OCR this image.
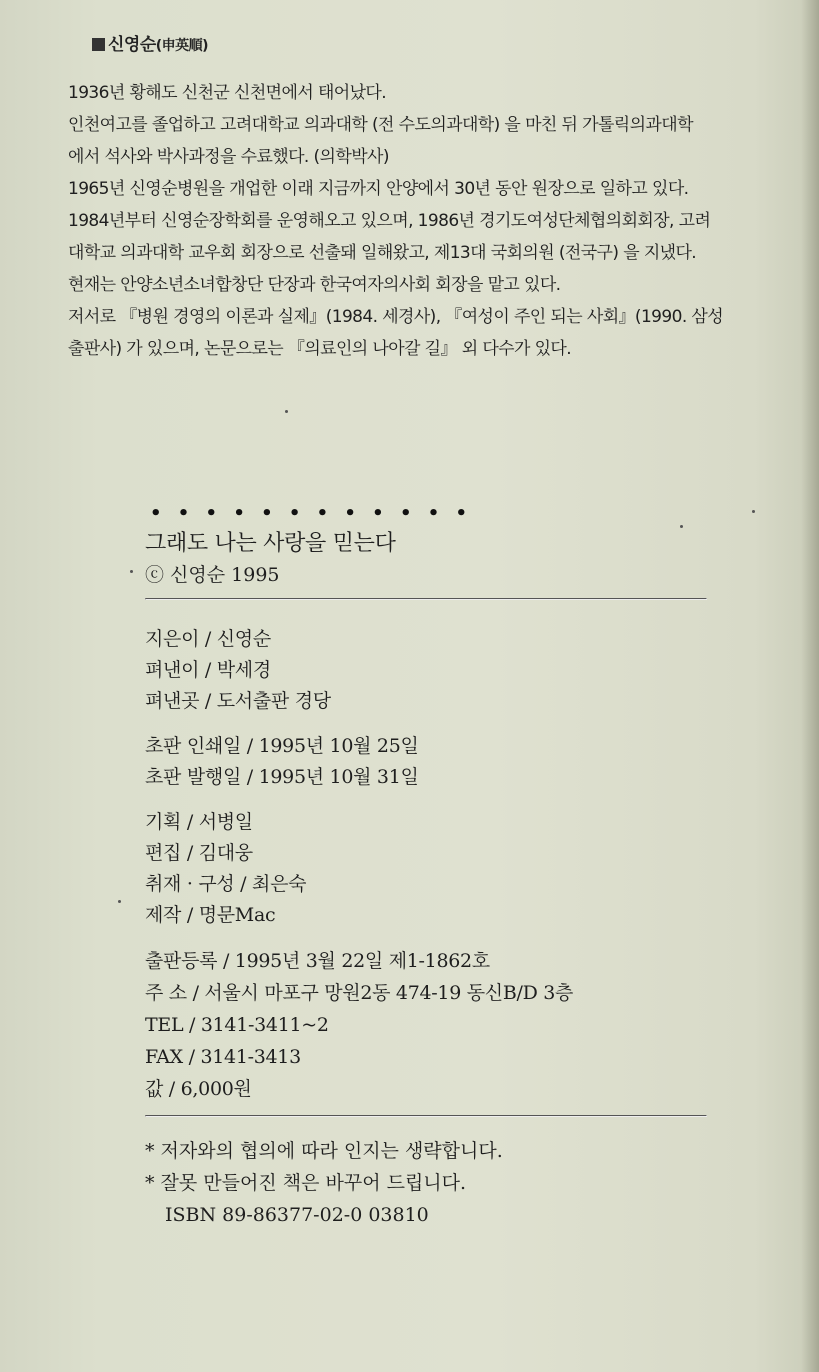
신영순(申英順)

1936년 황해도 신천군 신천면에서 태어났다.

인천여고를 졸업하고 고려대학교 의과대학 (전 수도의과대학) 을 마친 뒤 가톨릭의과대학

에서 석사와 박사과정을 수료했다. (의학박사)

1965년 신영순병원을 개업한 이래 지금까지 안양에서 30년 동안 원장으로 일하고 있다.

1984년부터 신영순장학회를 운영해오고 있으며, 1986년 경기도여성단체협의회회장, 고려

대학교 의과대학 교우회 회장으로 선출돼 일해왔고, 제13대 국회의원 (전국구) 을 지냈다.

현재는 안양소년소녀합창단 단장과 한국여자의사회 회장을 맡고 있다.

저서로 『병원 경영의 이론과 실제』(1984. 세경사), 『여성이 주인 되는 사회』(1990. 삼성

출판사) 가 있으며, 논문으로는 『의료인의 나아갈 길』 외 다수가 있다.

• • • • • • • • • • • •
그래도 나는 사랑을 믿는다
ⓒ 신영순 1995
지은이 / 신영순
펴낸이 / 박세경
펴낸곳 / 도서출판 경당
초판 인쇄일 / 1995년 10월 25일
초판 발행일 / 1995년 10월 31일
기획 / 서병일
편집 / 김대웅
취재 · 구성 / 최은숙
제작 / 명문Mac
출판등록 / 1995년 3월 22일 제1-1862호
주 소 / 서울시 마포구 망원2동 474-19 동신B/D 3층
TEL / 3141-3411~2
FAX / 3141-3413
값 / 6,000원
* 저자와의 협의에 따라 인지는 생략합니다.
* 잘못 만들어진 책은 바꾸어 드립니다.
ISBN 89-86377-02-0 03810
